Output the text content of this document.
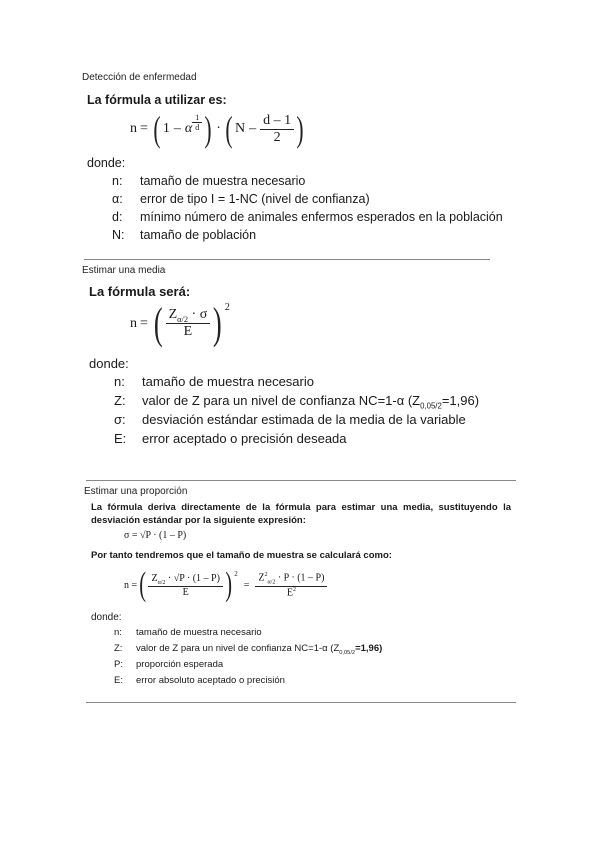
Detección de enfermedad
La fórmula a utilizar es:
n = ( 1 – α $\frac{1}{d}$ ) · ( N – $\frac{d - 1}{2}$ )
donde:
n:	tamaño de muestra necesario
α:	error de tipo I = 1-NC (nivel de confianza)
d:	mínimo número de animales enfermos esperados en la población
N:	tamaño de población
Estimar una media
La fórmula será:
n = ( $\frac{Z_{\alpha/2} \cdot \sigma}{E}$ ) $^2$
donde:
n:	tamaño de muestra necesario
Z:	valor de Z para un nivel de confianza NC=1-α $(Z_{0,05/2}=1,96)$
σ:	desviación estándar estimada de la media de la variable
E:	error aceptado o precisión deseada
Estimar una proporción
La fórmula deriva directamente de la fórmula para estimar una media, sustituyendo la desviación estándar por la siguiente expresión:
σ = √P · (1 – P)
Por tanto tendremos que el tamaño de muestra se calculará como:
n = ( $\frac{Z_{\alpha/2} \cdot √P \cdot (1 - P)}{E}$ ) $^2$
= $\frac{Z^2_{\alpha/2} \cdot P \cdot (1 - P)}{E^2}$
donde:
n:	tamaño de muestra necesario
Z:	valor de Z para un nivel de confianza NC=1-α $(Z_{0,05/2}=1,96)$
P:	proporción esperada
E:	error absoluto aceptado o precisión
